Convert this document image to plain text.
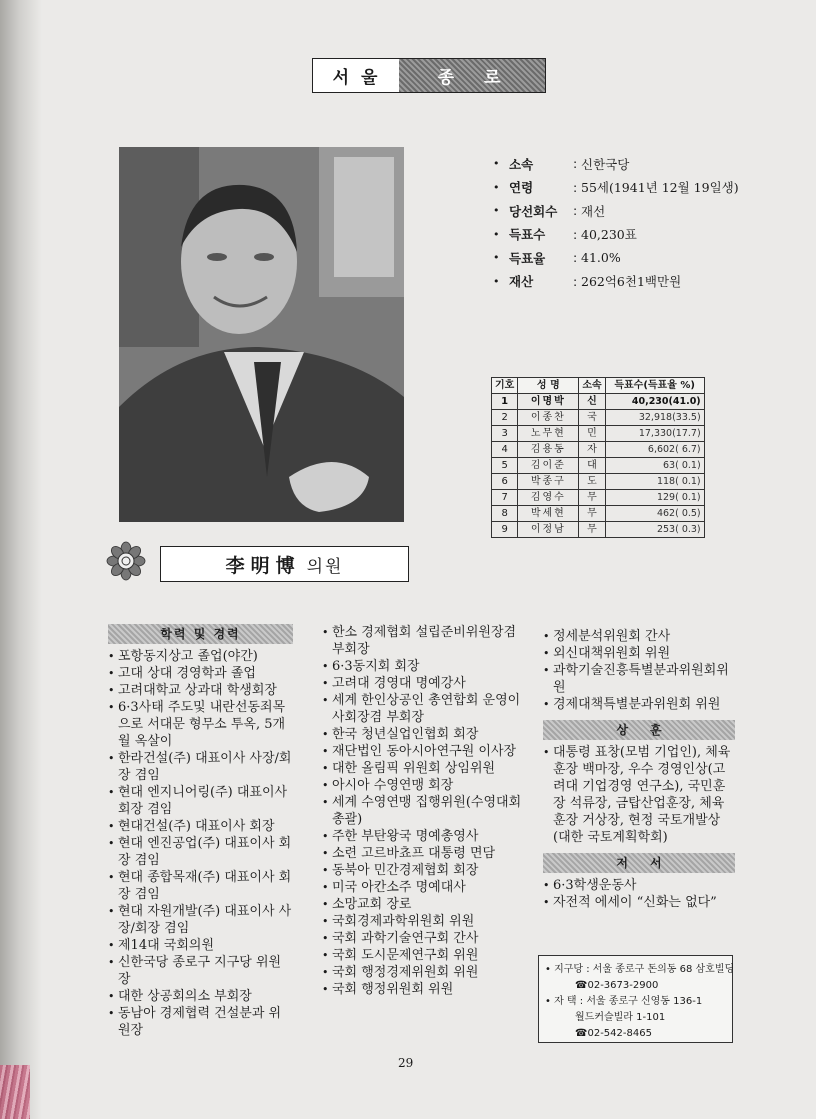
서울	종로
• 소속	: 신한국당
• 연령	: 55세(1941년 12월 19일생)
• 당선회수	: 재선
• 득표수	: 40,230표
• 득표율	: 41.0%
• 재산	: 262억6천1백만원
기호	성 명	소속	득표수(득표율 %)
1	이명박	신	40,230(41.0)
2	이종찬	국	32,918(33.5)
3	노무현	민	17,330(17.7)
4	김용동	자	6,602( 6.7)
5	김이준	대	63( 0.1)
6	박종구	도	118( 0.1)
7	김영수	무	129( 0.1)
8	박세현	무	462( 0.5)
9	이정남	무	253( 0.3)
李明博 의원
학력 및 경력
• 포항동지상고 졸업(야간)
• 고대 상대 경영학과 졸업
• 고려대학교 상과대 학생회장
• 6·3사태 주도및 내란선동죄목으로 서대문 형무소 투옥, 5개월 옥살이
• 한라건설(주) 대표이사 사장/회장 겸임
• 현대 엔지니어링(주) 대표이사 회장 겸임
• 현대건설(주) 대표이사 회장
• 현대 엔진공업(주) 대표이사 회장 겸임
• 현대 종합목재(주) 대표이사 회장 겸임
• 현대 자원개발(주) 대표이사 사장/회장 겸임
• 제14대 국회의원
• 신한국당 종로구 지구당 위원장
• 대한 상공회의소 부회장
• 동남아 경제협력 건설분과 위원장
• 한소 경제협회 설립준비위원장겸 부회장
• 6·3동지회 회장
• 고려대 경영대 명예강사
• 세계 한인상공인 총연합회 운영이사회장겸 부회장
• 한국 청년실업인협회 회장
• 재단법인 동아시아연구원 이사장
• 대한 올림픽 위원회 상임위원
• 아시아 수영연맹 회장
• 세계 수영연맹 집행위원(수영대회 총괄)
• 주한 부탄왕국 명예총영사
• 소련 고르바쵸프 대통령 면담
• 동북아 민간경제협회 회장
• 미국 아칸소주 명예대사
• 소망교회 장로
• 국회경제과학위원회 위원
• 국회 과학기술연구회 간사
• 국회 도시문제연구회 위원
• 국회 행정경제위원회 위원
• 국회 행정위원회 위원
• 정세분석위원회 간사
• 외신대책위원회 위원
• 과학기술진흥특별분과위원회위원
• 경제대책특별분과위원회 위원
상훈
• 대통령 표창(모범 기업인), 체육훈장 백마장, 우수 경영인상(고려대 기업경영 연구소), 국민훈장 석류장, 금탑산업훈장, 체육훈장 거상장, 현정 국토개발상(대한 국토계획학회)
저서
• 6·3학생운동사
• 자전적 에세이 “신화는 없다”
• 지구당 : 서울 종로구 돈의동 68 삼호빌딩
☎02-3673-2900
• 자 택 : 서울 종로구 신영동 136-1
월드커슬빌라 1-101
☎02-542-8465
29
